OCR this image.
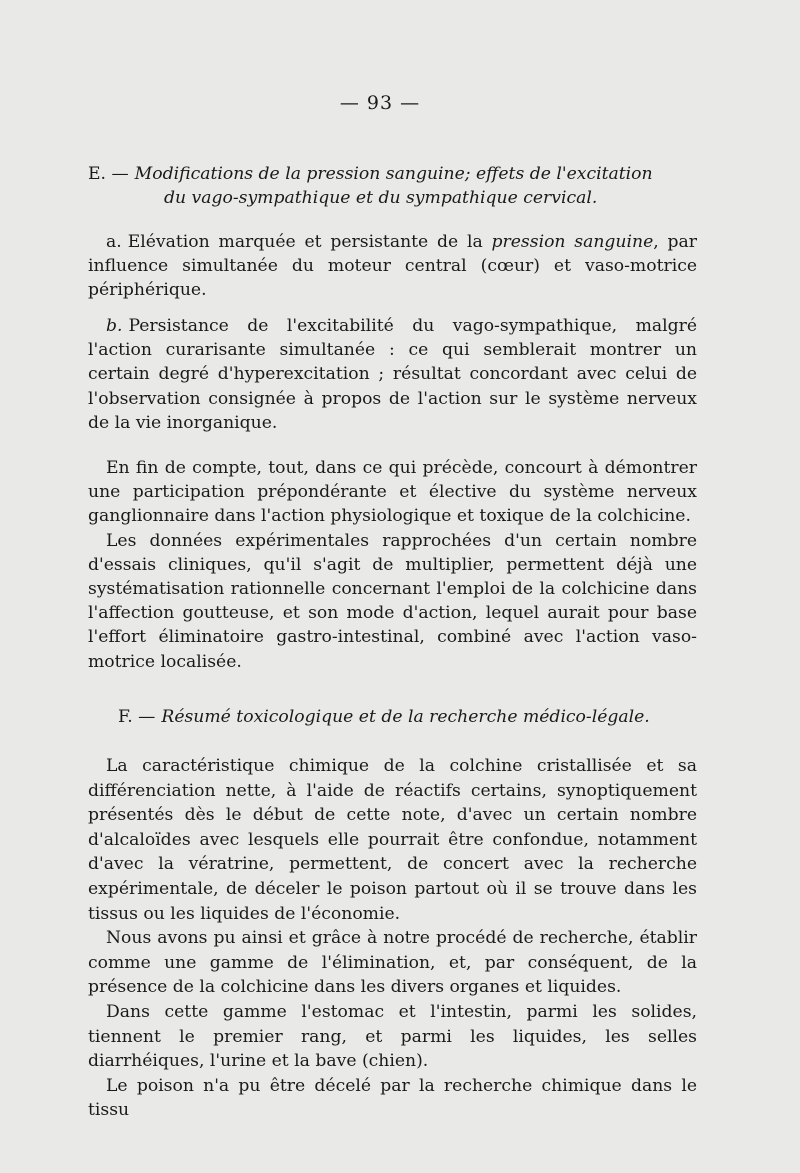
— 93 —

E. — Modifications de la pression sanguine; effets de l'excitation
du vago-sympathique et du sympathique cervical.

a. Elévation marquée et persistante de la pression sanguine, par influence simultanée du moteur central (cœur) et vaso-motrice périphérique.

b. Persistance de l'excitabilité du vago-sympathique, malgré l'action curarisante simultanée : ce qui semblerait montrer un certain degré d'hyperexcitation ; résultat concordant avec celui de l'observation consignée à propos de l'action sur le système nerveux de la vie inorganique.

En fin de compte, tout, dans ce qui précède, concourt à démontrer une participation prépondérante et élective du système nerveux ganglionnaire dans l'action physiologique et toxique de la colchicine.

Les données expérimentales rapprochées d'un certain nombre d'essais cliniques, qu'il s'agit de multiplier, permettent déjà une systématisation rationnelle concernant l'emploi de la colchicine dans l'affection goutteuse, et son mode d'action, lequel aurait pour base l'effort éliminatoire gastro-intestinal, combiné avec l'action vaso-motrice localisée.

F. — Résumé toxicologique et de la recherche médico-légale.

La caractéristique chimique de la colchine cristallisée et sa différenciation nette, à l'aide de réactifs certains, synoptiquement présentés dès le début de cette note, d'avec un certain nombre d'alcaloïdes avec lesquels elle pourrait être confondue, notamment d'avec la vératrine, permettent, de concert avec la recherche expérimentale, de déceler le poison partout où il se trouve dans les tissus ou les liquides de l'économie.

Nous avons pu ainsi et grâce à notre procédé de recherche, établir comme une gamme de l'élimination, et, par conséquent, de la présence de la colchicine dans les divers organes et liquides.

Dans cette gamme l'estomac et l'intestin, parmi les solides, tiennent le premier rang, et parmi les liquides, les selles diarrhéiques, l'urine et la bave (chien).

Le poison n'a pu être décelé par la recherche chimique dans le tissu
